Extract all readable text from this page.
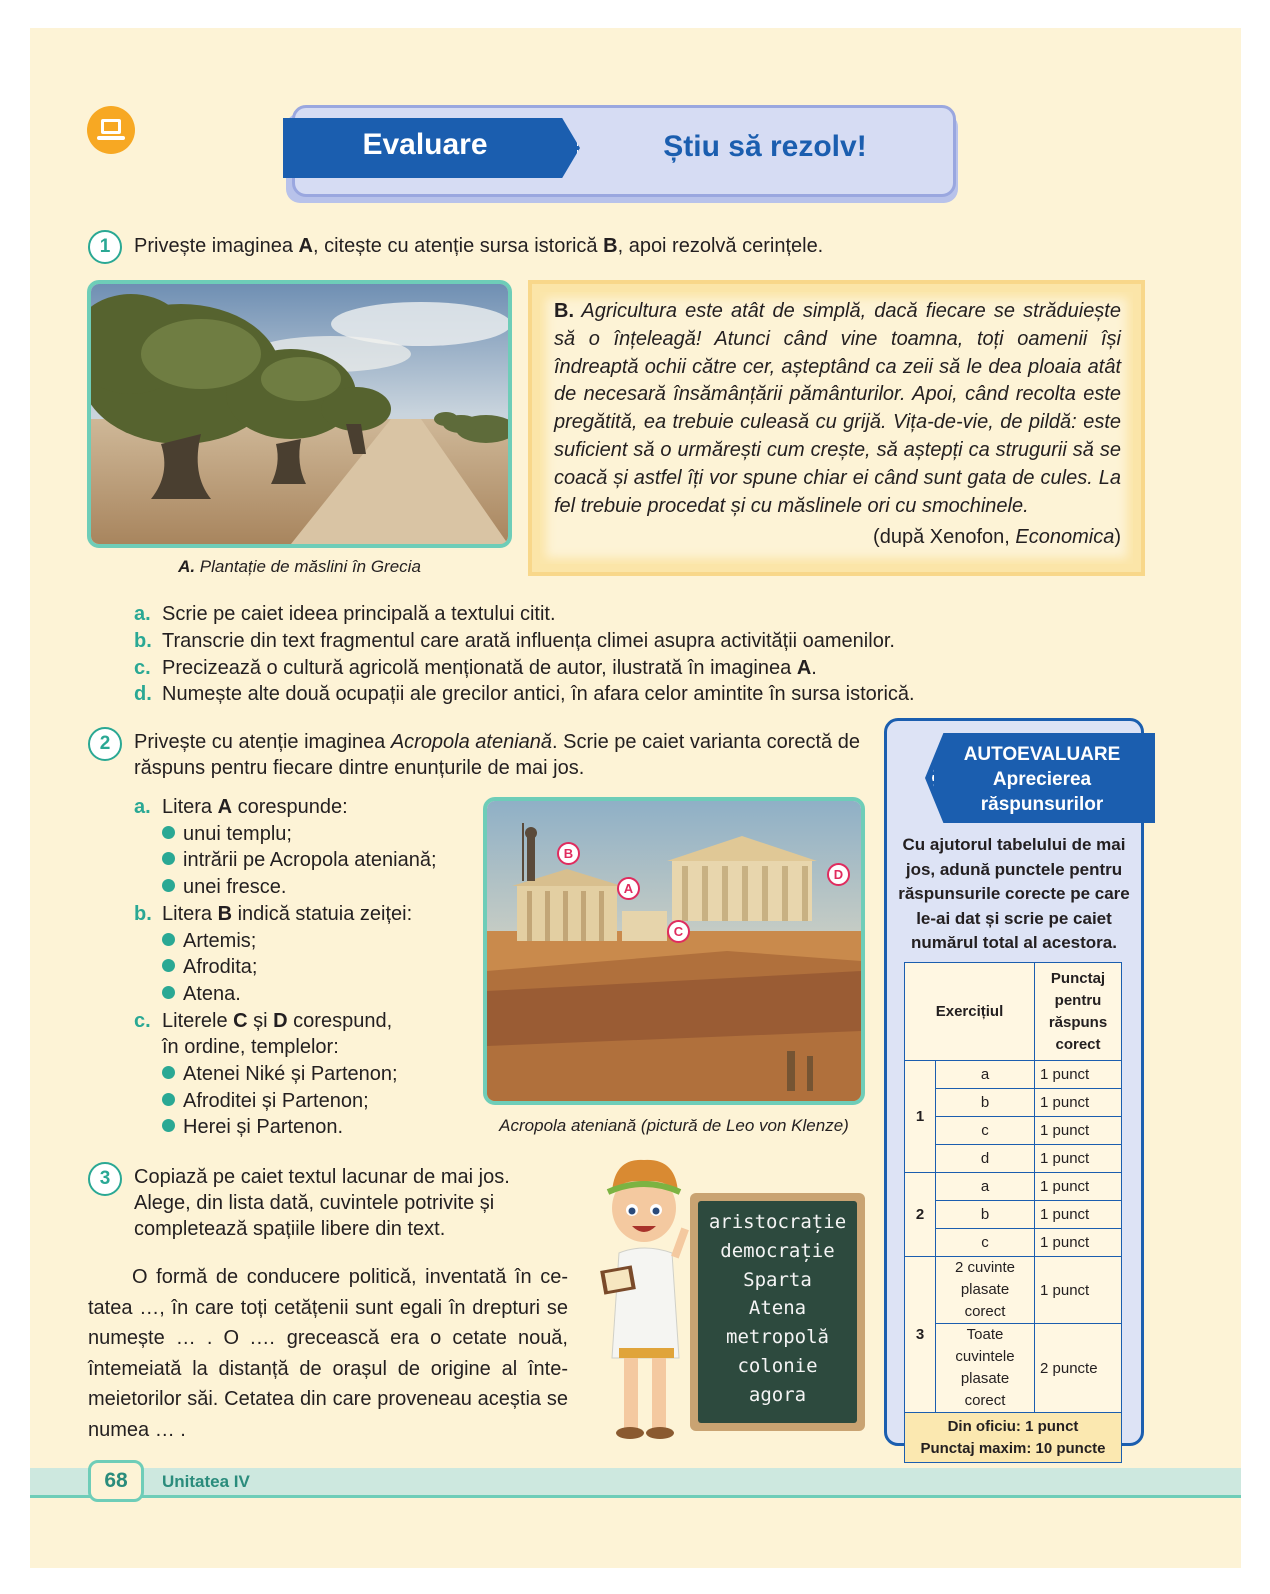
Evaluare	Știu să rezolv!
1	Privește imaginea A, citește cu atenție sursa istorică B, apoi rezolvă cerințele.
A. Plantație de măslini în Grecia
B. Agricultura este atât de simplă, dacă fiecare se străduiește să o înțeleagă! Atunci când vine toamna, toți oamenii își îndreaptă ochii către cer, așteptând ca zeii să le dea ploaia atât de necesară însămânțării pământurilor. Apoi, când recolta este pregătită, ea trebuie culeasă cu grijă. Vița-de-vie, de pildă: este suficient să o urmărești cum crește, să aștepți ca strugurii să se coacă și astfel îți vor spune chiar ei când sunt gata de cules. La fel trebuie procedat și cu măslinele ori cu smochinele.
(după Xenofon, Economica)
a. Scrie pe caiet ideea principală a textului citit.
b. Transcrie din text fragmentul care arată influența climei asupra activității oamenilor.
c. Precizează o cultură agricolă menționată de autor, ilustrată în imaginea A.
d. Numește alte două ocupații ale grecilor antici, în afara celor amintite în sursa istorică.
2	Privește cu atenție imaginea Acropola ateniană. Scrie pe caiet varianta corectă de răspuns pentru fiecare dintre enunțurile de mai jos.
a. Litera A corespunde:
unui templu;
intrării pe Acropola ateniană;
unei fresce.
b. Litera B indică statuia zeiței:
Artemis;
Afrodita;
Atena.
c. Literele C și D corespund,
în ordine, templelor:
Atenei Niké și Partenon;
Afroditei și Partenon;
Herei și Partenon.
A
B
C
D
Acropola ateniană (pictură de Leo von Klenze)
3	Copiază pe caiet textul lacunar de mai jos. Alege, din lista dată, cuvintele potrivite și completează spațiile libere din text.
O formă de conducere politică, inventată în cetatea …, în care toți cetățenii sunt egali în drepturi se numește … . O .… grecească era o cetate nouă, întemeiată la distanță de orașul de origine al întemeietorilor săi. Cetatea din care proveneau aceștia se numea … .
aristocrație
democrație
Sparta
Atena
metropolă
colonie
agora
AUTOEVALUARE
Aprecierea răspunsurilor
Cu ajutorul tabelului de mai jos, adună punctele pentru răspunsurile corecte pe care le-ai dat și scrie pe caiet numărul total al acestora.
Exercițiul		Punctaj pentru răspuns corect
1	a	1 punct
	b	1 punct
	c	1 punct
	d	1 punct
2	a	1 punct
	b	1 punct
	c	1 punct
3	2 cuvinte plasate corect	1 punct
	Toate cuvintele plasate corect	2 puncte

Din oficiu: 1 punct
Punctaj maxim: 10 puncte		
68	Unitatea IV
